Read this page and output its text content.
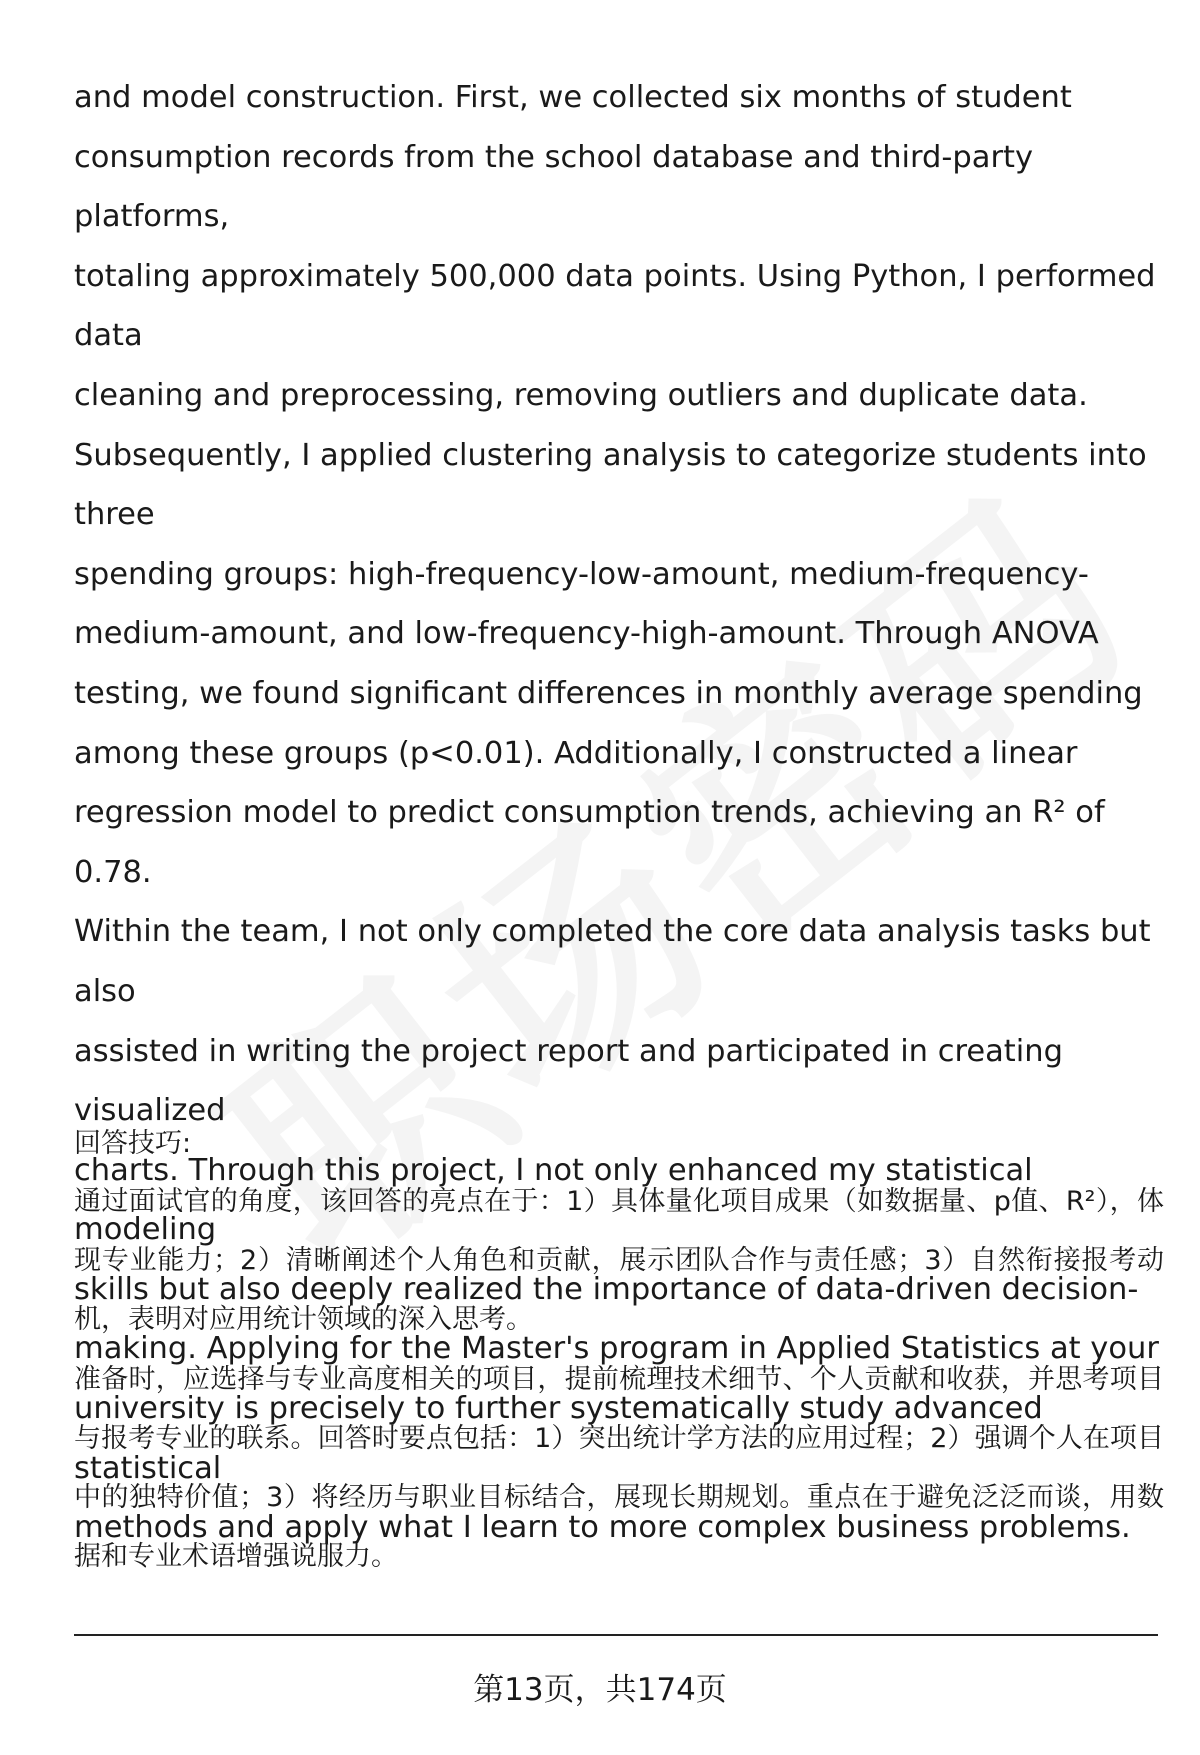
and model construction. First, we collected six months of student
consumption records from the school database and third-party platforms,
totaling approximately 500,000 data points. Using Python, I performed data
cleaning and preprocessing, removing outliers and duplicate data.
Subsequently, I applied clustering analysis to categorize students into three
spending groups: high-frequency-low-amount, medium-frequency-
medium-amount, and low-frequency-high-amount. Through ANOVA
testing, we found significant differences in monthly average spending
among these groups (p<0.01). Additionally, I constructed a linear
regression model to predict consumption trends, achieving an R² of 0.78.
Within the team, I not only completed the core data analysis tasks but also
assisted in writing the project report and participated in creating visualized
charts. Through this project, I not only enhanced my statistical modeling
skills but also deeply realized the importance of data-driven decision-
making. Applying for the Master's program in Applied Statistics at your
university is precisely to further systematically study advanced statistical
methods and apply what I learn to more complex business problems.

回答技巧:

通过面试官的角度，该回答的亮点在于：1）具体量化项目成果（如数据量、p值、R²），体现专业能力；2）清晰阐述个人角色和贡献，展示团队合作与责任感；3）自然衔接报考动机，表明对应用统计领域的深入思考。

准备时，应选择与专业高度相关的项目，提前梳理技术细节、个人贡献和收获，并思考项目与报考专业的联系。回答时要点包括：1）突出统计学方法的应用过程；2）强调个人在项目中的独特价值；3）将经历与职业目标结合，展现长期规划。重点在于避免泛泛而谈，用数据和专业术语增强说服力。

第13页，共174页
